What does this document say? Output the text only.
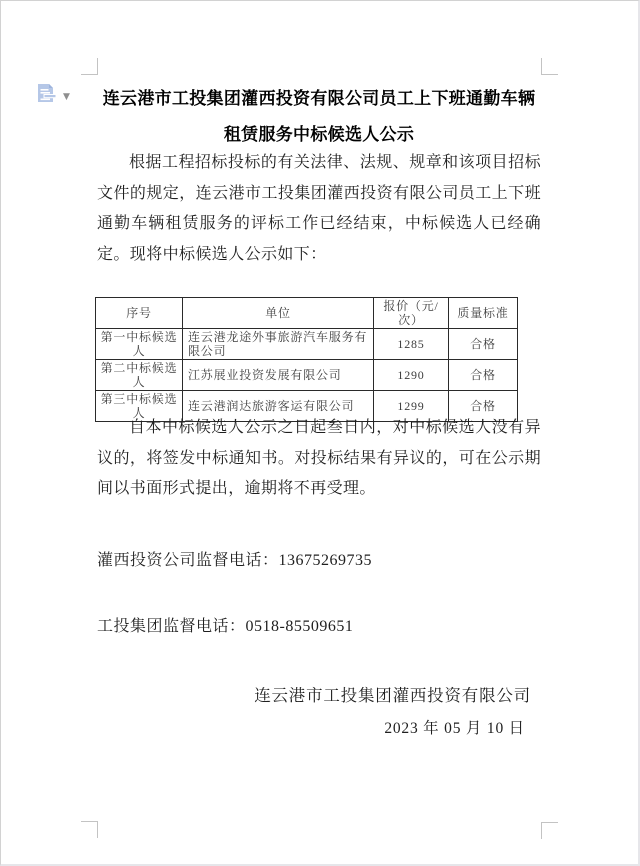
▼	连云港市工投集团灌西投资有限公司员工上下班通勤车辆
租赁服务中标候选人公示

根据工程招标投标的有关法律、法规、规章和该项目招标文件的规定，连云港市工投集团灌西投资有限公司员工上下班通勤车辆租赁服务的评标工作已经结束，中标候选人已经确定。现将中标候选人公示如下：

序号	单位	报价（元/次）	质量标准
第一中标候选人	连云港龙途外事旅游汽车服务有限公司	1285	合格
第二中标候选人	江苏展业投资发展有限公司	1290	合格
第三中标候选人	连云港润达旅游客运有限公司	1299	合格

自本中标候选人公示之日起叁日内，对中标候选人没有异议的，将签发中标通知书。对投标结果有异议的，可在公示期间以书面形式提出，逾期将不再受理。

灌西投资公司监督电话：13675269735

工投集团监督电话：0518-85509651

连云港市工投集团灌西投资有限公司

2023 年 05 月 10 日
